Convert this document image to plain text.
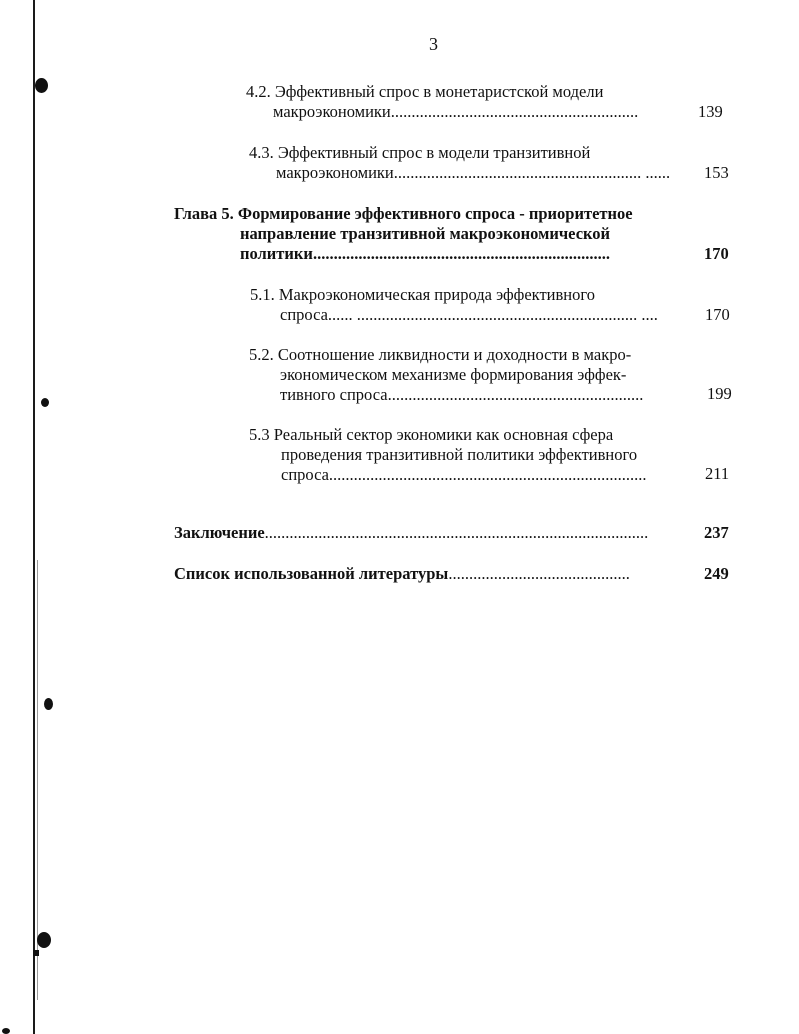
3
4.2. Эффективный спрос в монетаристской модели
макроэкономики............................................................	139
4.3. Эффективный спрос в модели транзитивной
макроэкономики............................................................ ...... 153
Глава 5. Формирование эффективного спроса - приоритетное
направление транзитивной макроэкономической
политики........................................................................	170
5.1. Макроэкономическая природа эффективного
спроса...... .................................................................... ....	170
5.2. Соотношение ликвидности и доходности в макро-
экономическом механизме формирования эффек-
тивного спроса..............................................................	199
5.3 Реальный сектор экономики как основная сфера
проведения транзитивной политики эффективного
спроса.............................................................................	211
Заключение.............................................................................................	237
Список использованной литературы............................................	249
